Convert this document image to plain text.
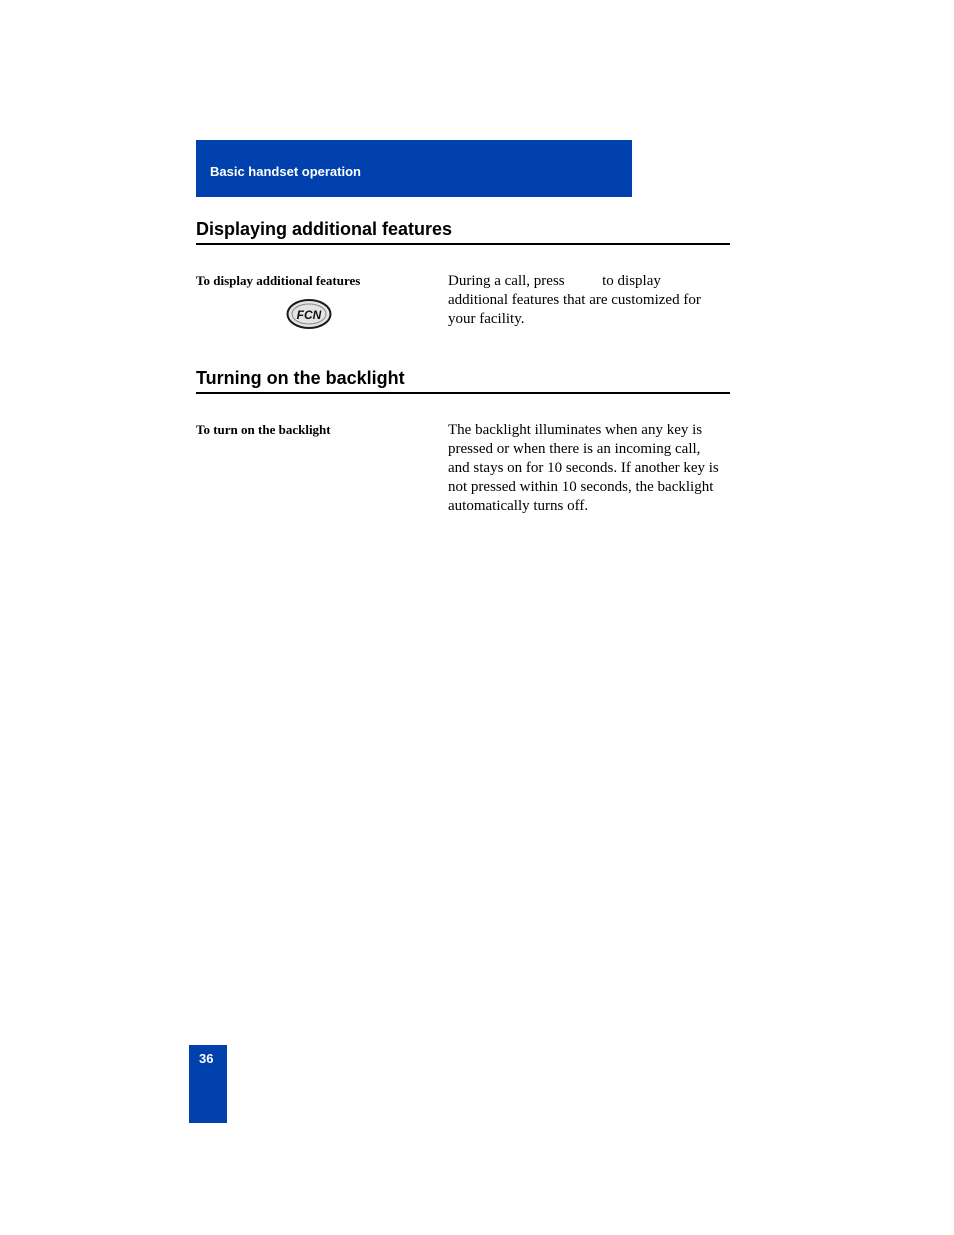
Basic handset operation
Displaying additional features
To display additional features
FCN
During a call, press          to display
additional features that are customized for
your facility.
Turning on the backlight
To turn on the backlight	The backlight illuminates when any key is
pressed or when there is an incoming call,
and stays on for 10 seconds. If another key is
not pressed within 10 seconds, the backlight
automatically turns off.
36
